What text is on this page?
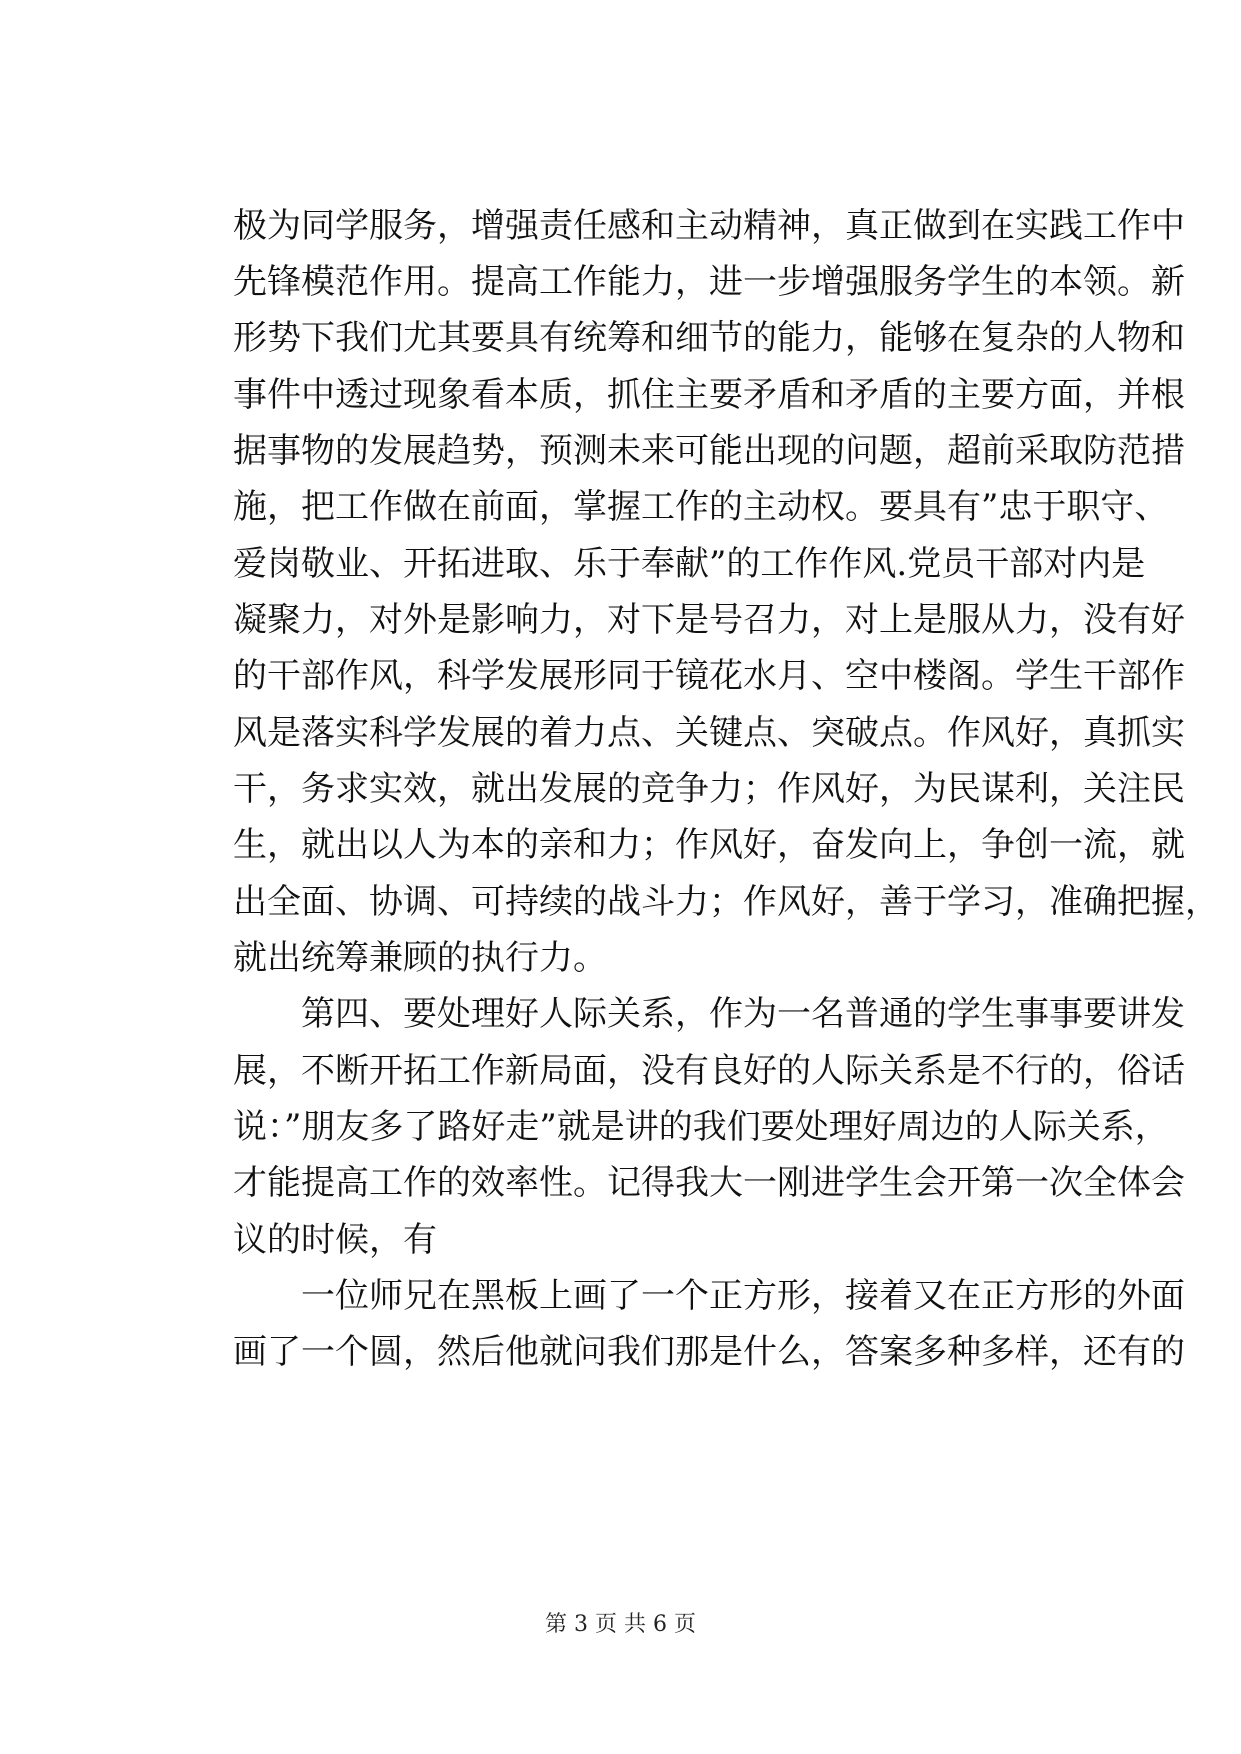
极为同学服务，增强责任感和主动精神，真正做到在实践工作中
先锋模范作用。提高工作能力，进一步增强服务学生的本领。新
形势下我们尤其要具有统筹和细节的能力，能够在复杂的人物和
事件中透过现象看本质，抓住主要矛盾和矛盾的主要方面，并根
据事物的发展趋势，预测未来可能出现的问题，超前采取防范措
施，把工作做在前面，掌握工作的主动权。要具有”忠于职守、
爱岗敬业、开拓进取、乐于奉献”的工作作风.党员干部对内是
凝聚力，对外是影响力，对下是号召力，对上是服从力，没有好
的干部作风，科学发展形同于镜花水月、空中楼阁。学生干部作
风是落实科学发展的着力点、关键点、突破点。作风好，真抓实
干，务求实效，就出发展的竞争力；作风好，为民谋利，关注民
生，就出以人为本的亲和力；作风好，奋发向上，争创一流，就
出全面、协调、可持续的战斗力；作风好，善于学习，准确把握，
就出统筹兼顾的执行力。
第四、要处理好人际关系，作为一名普通的学生事事要讲发
展，不断开拓工作新局面，没有良好的人际关系是不行的，俗话
说：”朋友多了路好走”就是讲的我们要处理好周边的人际关系，
才能提高工作的效率性。记得我大一刚进学生会开第一次全体会
议的时候，有
一位师兄在黑板上画了一个正方形，接着又在正方形的外面
画了一个圆，然后他就问我们那是什么，答案多种多样，还有的
第 3 页 共 6 页
